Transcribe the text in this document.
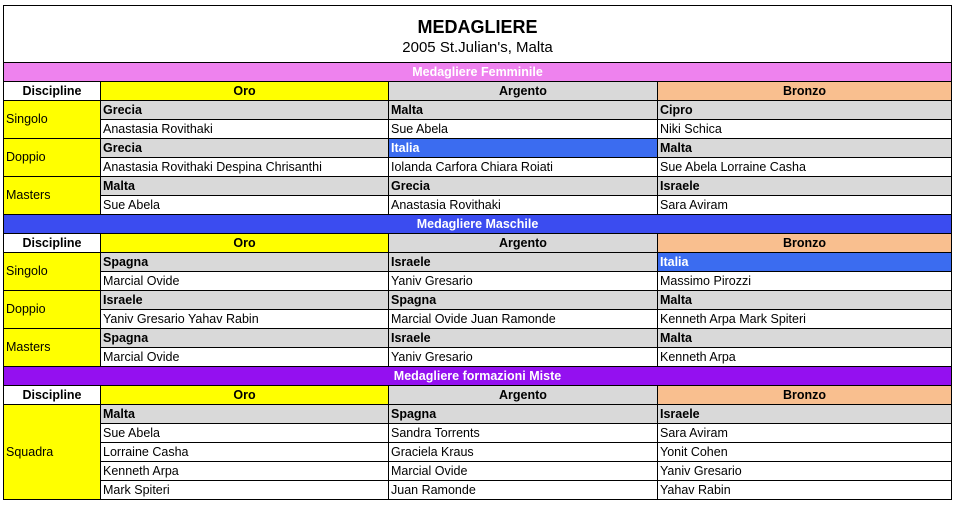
MEDAGLIERE
2005 St.Julian's, Malta			

Medagliere Femminile			
Discipline	Oro	Argento	Bronzo
Singolo	Grecia	Malta	Cipro
	Anastasia Rovithaki	Sue Abela	Niki Schica
Doppio	Grecia	Italia	Malta
	Anastasia Rovithaki Despina Chrisanthi	Iolanda Carfora Chiara Roiati	Sue Abela Lorraine Casha
Masters	Malta	Grecia	Israele
	Sue Abela	Anastasia Rovithaki	Sara Aviram
Medagliere Maschile			
Discipline	Oro	Argento	Bronzo
Singolo	Spagna	Israele	Italia
	Marcial Ovide	Yaniv Gresario	Massimo Pirozzi
Doppio	Israele	Spagna	Malta
	Yaniv Gresario Yahav Rabin	Marcial Ovide Juan Ramonde	Kenneth Arpa Mark Spiteri
Masters	Spagna	Israele	Malta
	Marcial Ovide	Yaniv Gresario	Kenneth Arpa
Medagliere formazioni Miste			
Discipline	Oro	Argento	Bronzo
Squadra	Malta	Spagna	Israele
	Sue Abela	Sandra Torrents	Sara Aviram
	Lorraine Casha	Graciela Kraus	Yonit Cohen
	Kenneth Arpa	Marcial Ovide	Yaniv Gresario
	Mark Spiteri	Juan Ramonde	Yahav Rabin
